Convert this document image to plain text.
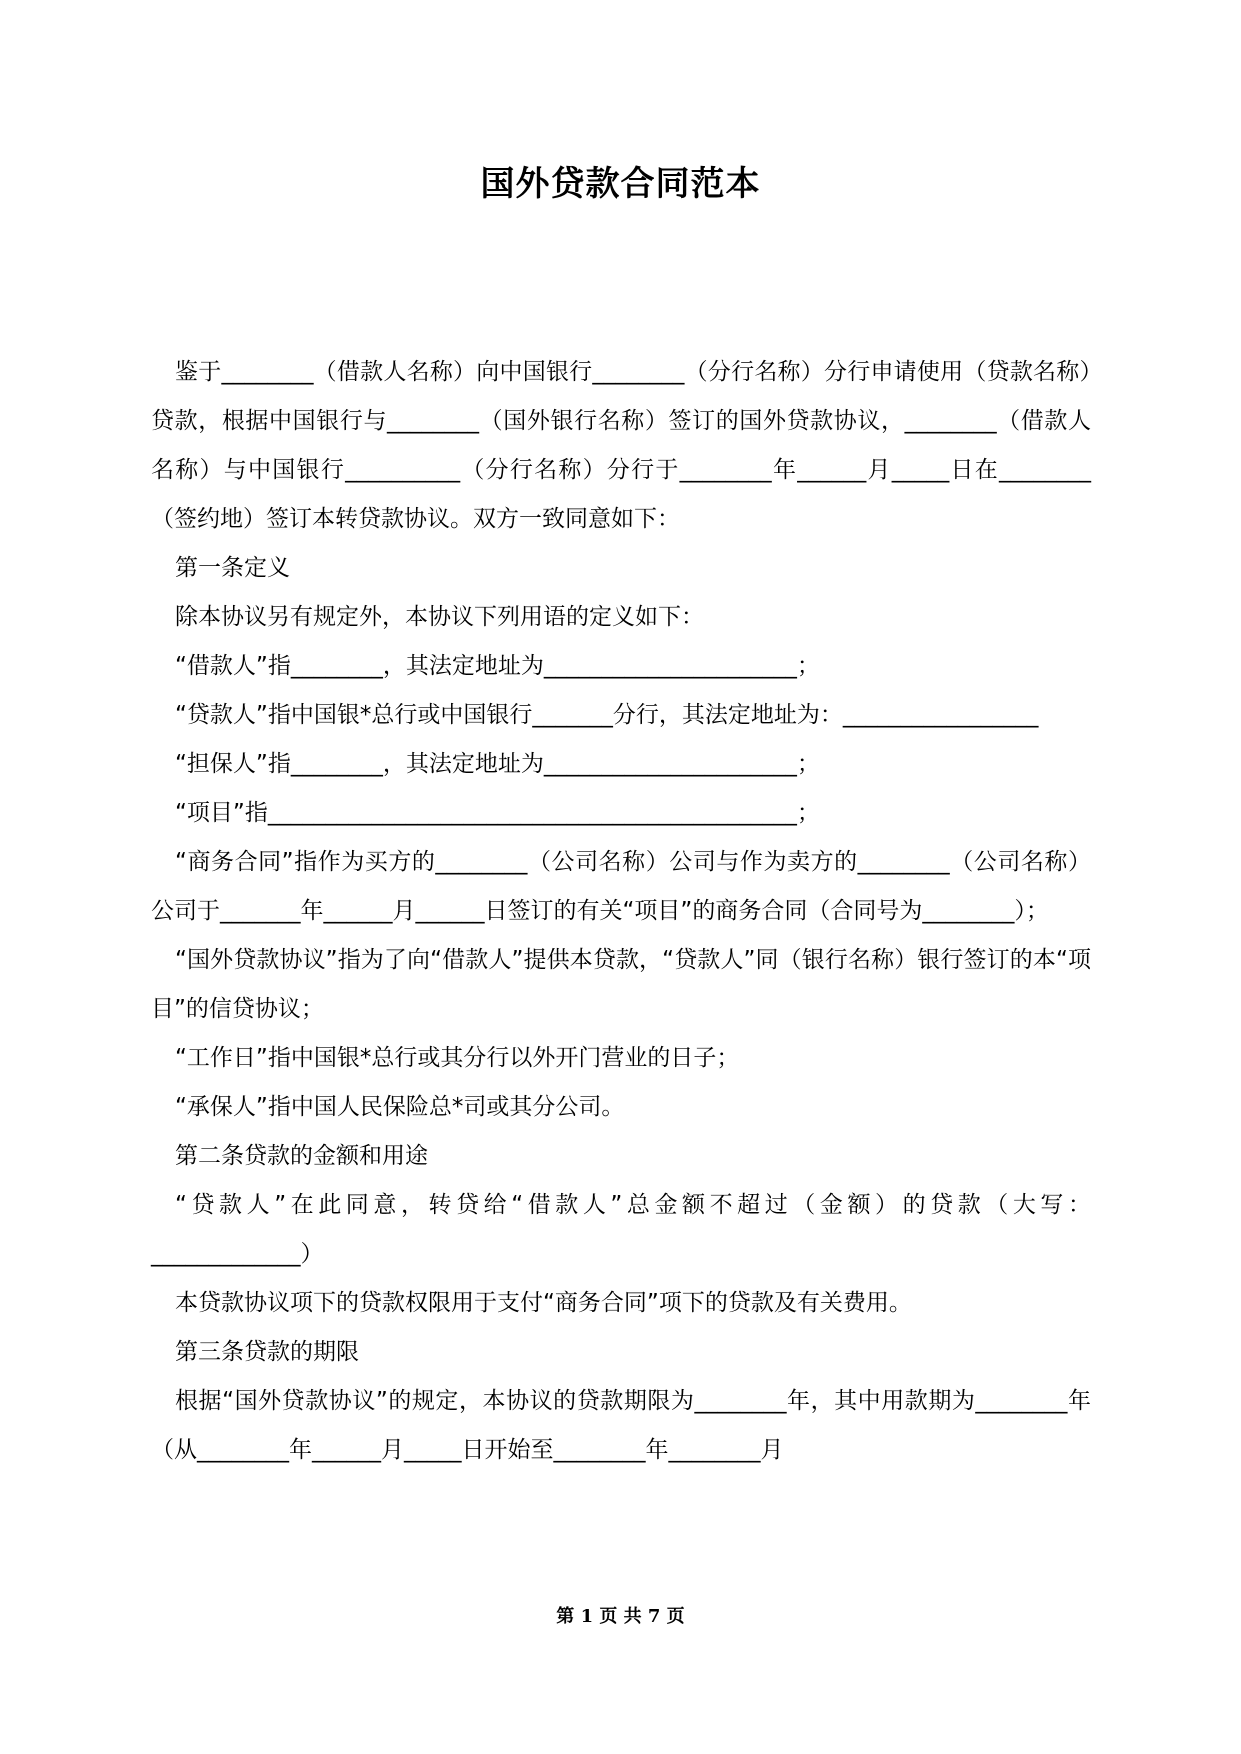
国外贷款合同范本

鉴于________（借款人名称）向中国银行________（分行名称）分行申请使用（贷款名称）贷款，根据中国银行与________（国外银行名称）签订的国外贷款协议，________（借款人名称）与中国银行__________（分行名称）分行于________年______月_____日在________（签约地）签订本转贷款协议。双方一致同意如下：

第一条定义

除本协议另有规定外，本协议下列用语的定义如下：

“借款人”指________，其法定地址为______________________；

“贷款人”指中国银*总行或中国银行_______分行，其法定地址为：_________________

“担保人”指________，其法定地址为______________________；

“项目”指______________________________________________；

“商务合同”指作为买方的________（公司名称）公司与作为卖方的________（公司名称）公司于_______年______月______日签订的有关“项目”的商务合同（合同号为________）；

“国外贷款协议”指为了向“借款人”提供本贷款，“贷款人”同（银行名称）银行签订的本“项目”的信贷协议；

“工作日”指中国银*总行或其分行以外开门营业的日子；

“承保人”指中国人民保险总*司或其分公司。

第二条贷款的金额和用途

“贷款人”在此同意，转贷给“借款人”总金额不超过（金额）的贷款（大写：_____________）

本贷款协议项下的贷款权限用于支付“商务合同”项下的贷款及有关费用。

第三条贷款的期限

根据“国外贷款协议”的规定，本协议的贷款期限为________年，其中用款期为________年（从________年______月_____日开始至________年________月

第 1 页 共 7 页
